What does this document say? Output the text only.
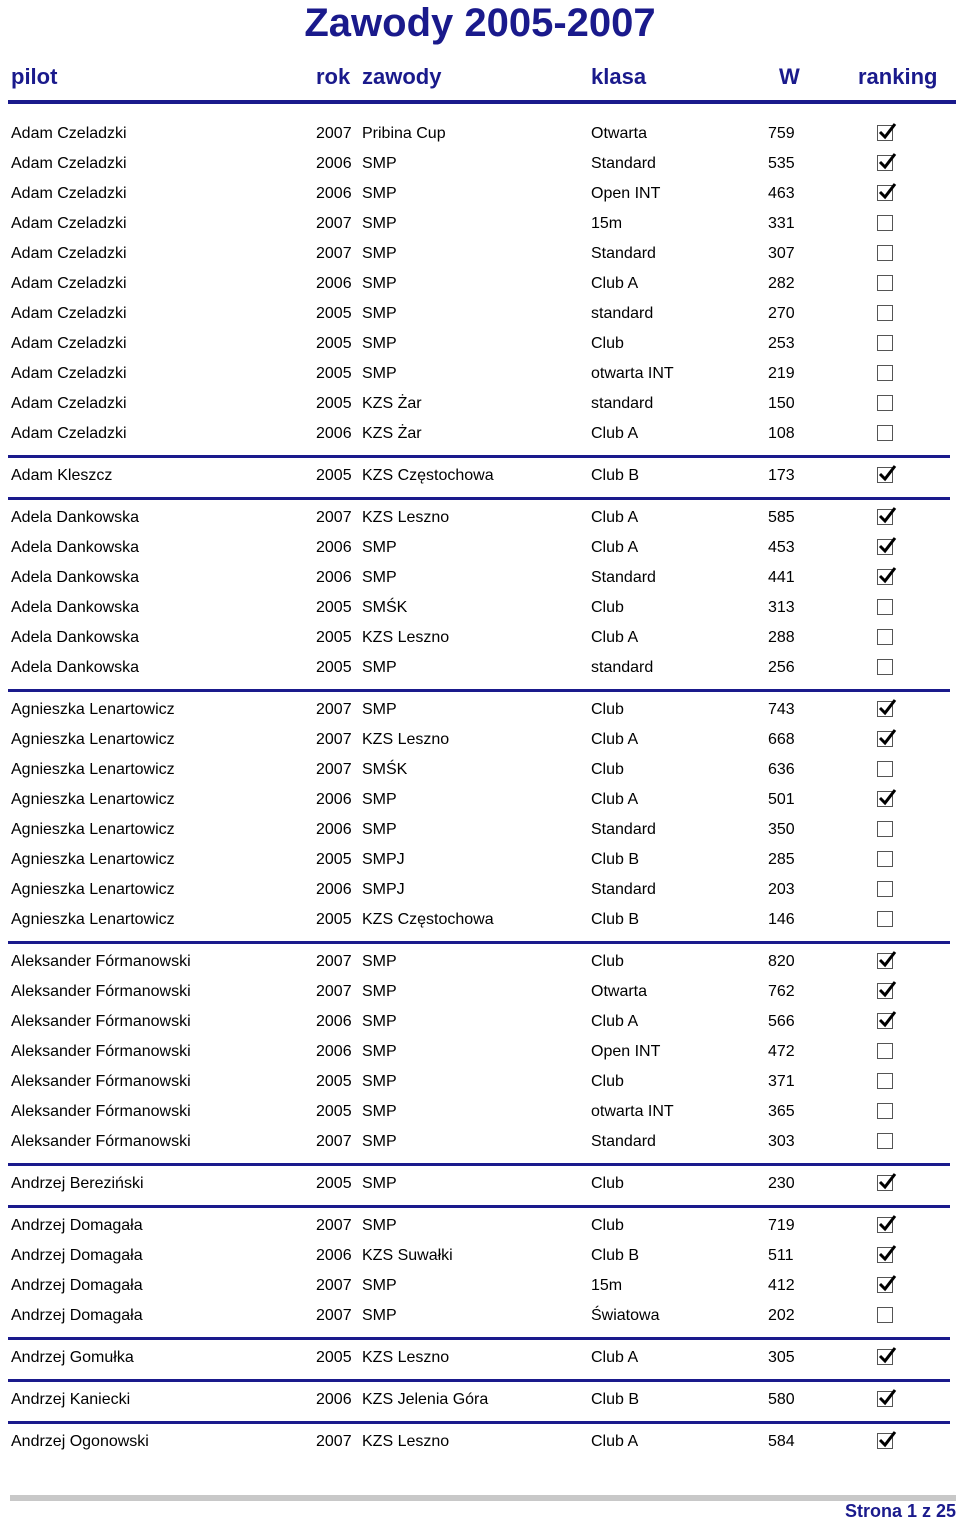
Zawody 2005-2007
pilot	rok zawody	klasa	W	ranking
Adam Czeladzki	2007 Pribina Cup	Otwarta	759
Adam Czeladzki	2006 SMP	Standard	535
Adam Czeladzki	2006 SMP	Open INT	463
Adam Czeladzki	2007 SMP	15m	331
Adam Czeladzki	2007 SMP	Standard	307
Adam Czeladzki	2006 SMP	Club A	282
Adam Czeladzki	2005 SMP	standard	270
Adam Czeladzki	2005 SMP	Club	253
Adam Czeladzki	2005 SMP	otwarta INT	219
Adam Czeladzki	2005 KZS Żar	standard	150
Adam Czeladzki	2006 KZS Żar	Club A	108
Adam Kleszcz	2005 KZS Częstochowa	Club B	173
Adela Dankowska	2007 KZS Leszno	Club A	585
Adela Dankowska	2006 SMP	Club A	453
Adela Dankowska	2006 SMP	Standard	441
Adela Dankowska	2005 SMŚK	Club	313
Adela Dankowska	2005 KZS Leszno	Club A	288
Adela Dankowska	2005 SMP	standard	256
Agnieszka Lenartowicz	2007 SMP	Club	743
Agnieszka Lenartowicz	2007 KZS Leszno	Club A	668
Agnieszka Lenartowicz	2007 SMŚK	Club	636
Agnieszka Lenartowicz	2006 SMP	Club A	501
Agnieszka Lenartowicz	2006 SMP	Standard	350
Agnieszka Lenartowicz	2005 SMPJ	Club B	285
Agnieszka Lenartowicz	2006 SMPJ	Standard	203
Agnieszka Lenartowicz	2005 KZS Częstochowa	Club B	146
Aleksander Fórmanowski	2007 SMP	Club	820
Aleksander Fórmanowski	2007 SMP	Otwarta	762
Aleksander Fórmanowski	2006 SMP	Club A	566
Aleksander Fórmanowski	2006 SMP	Open INT	472
Aleksander Fórmanowski	2005 SMP	Club	371
Aleksander Fórmanowski	2005 SMP	otwarta INT	365
Aleksander Fórmanowski	2007 SMP	Standard	303
Andrzej Bereziński	2005 SMP	Club	230
Andrzej Domagała	2007 SMP	Club	719
Andrzej Domagała	2006 KZS Suwałki	Club B	511
Andrzej Domagała	2007 SMP	15m	412
Andrzej Domagała	2007 SMP	Światowa	202
Andrzej Gomułka	2005 KZS Leszno	Club A	305
Andrzej Kaniecki	2006 KZS Jelenia Góra	Club B	580
Andrzej Ogonowski	2007 KZS Leszno	Club A	584
Strona 1 z 25
